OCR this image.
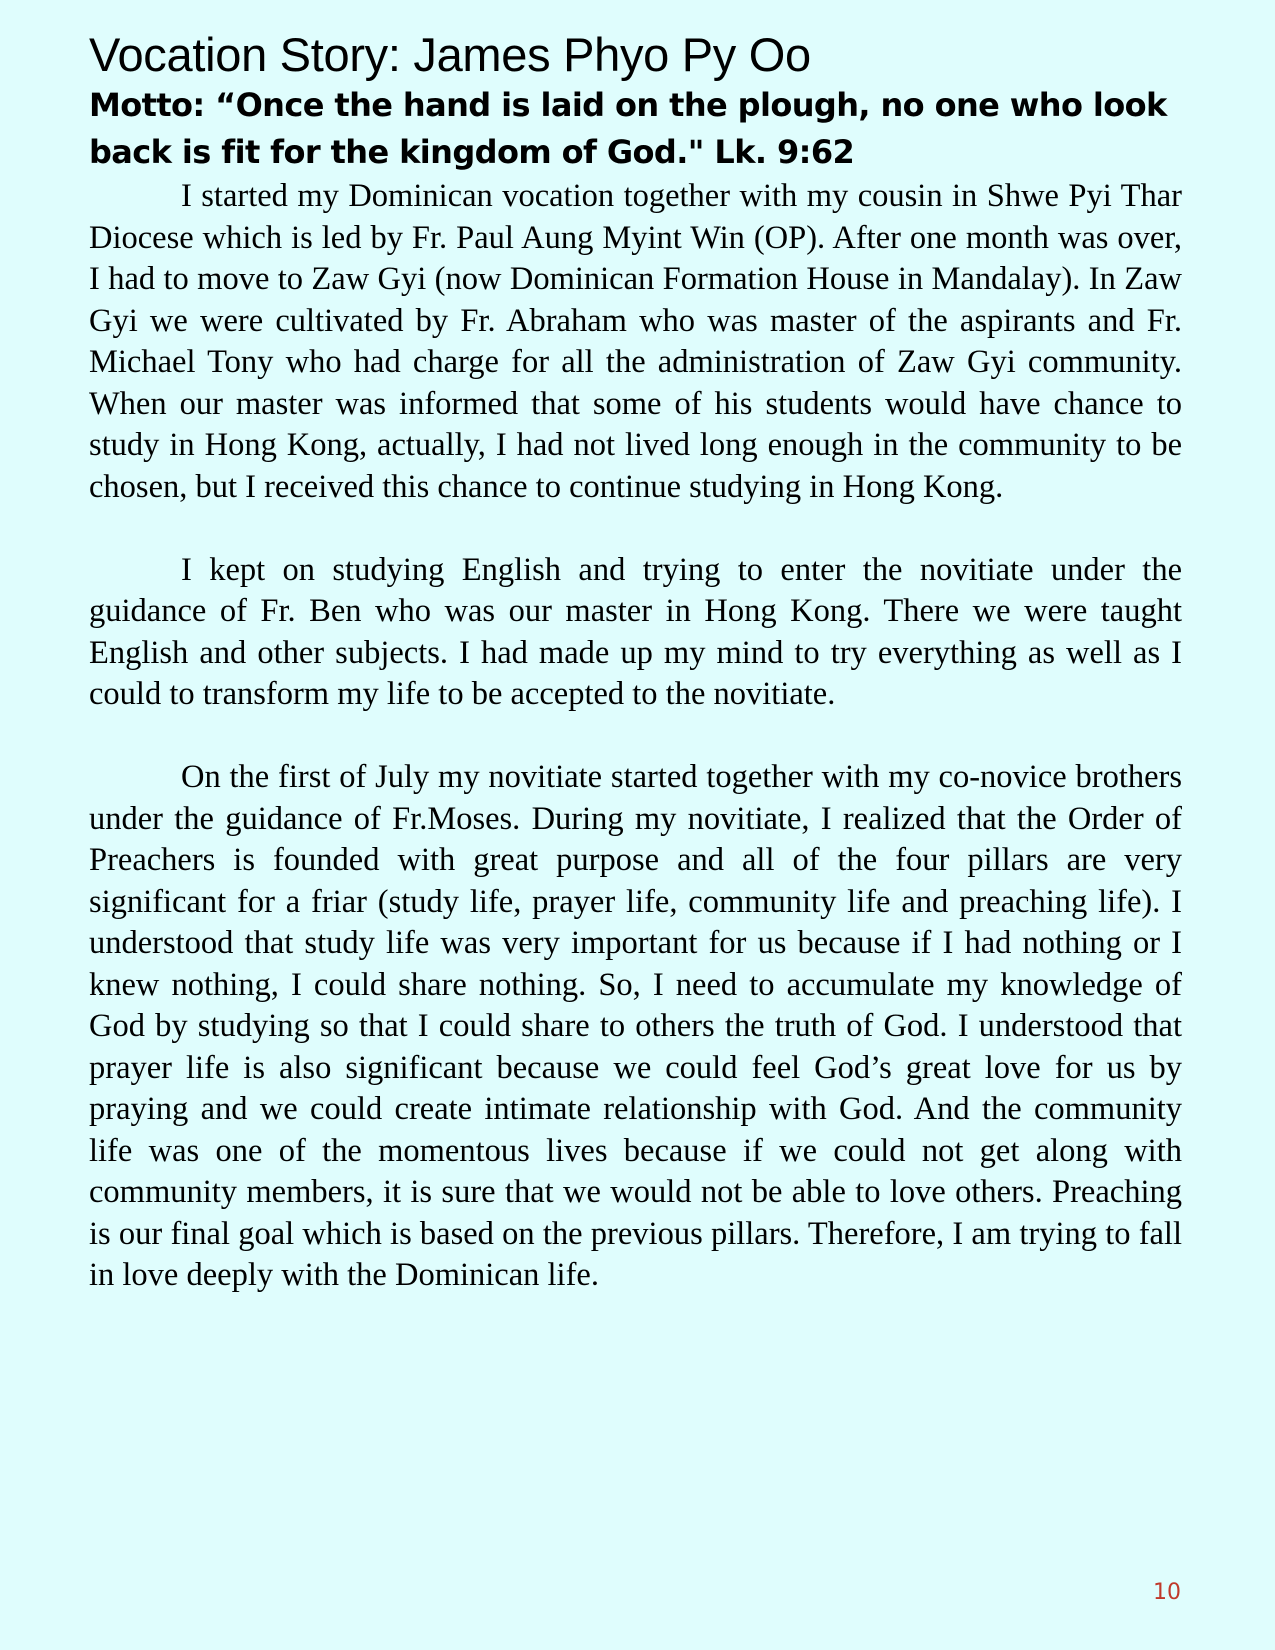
Vocation Story: James Phyo Py Oo

Motto: “Once the hand is laid on the plough, no one who look back is fit for the kingdom of God." Lk. 9:62

I started my Dominican vocation together with my cousin in Shwe Pyi Thar Diocese which is led by Fr. Paul Aung Myint Win (OP). After one month was over, I had to move to Zaw Gyi (now Dominican Formation House in Mandalay). In Zaw Gyi we were cultivated by Fr. Abraham who was master of the aspirants and Fr. Michael Tony who had charge for all the administration of Zaw Gyi community. When our master was informed that some of his students would have chance to study in Hong Kong, actually, I had not lived long enough in the community to be chosen, but I received this chance to continue studying in Hong Kong.

I kept on studying English and trying to enter the novitiate under the guidance of Fr. Ben who was our master in Hong Kong. There we were taught English and other subjects. I had made up my mind to try everything as well as I could to transform my life to be accepted to the novitiate.

On the first of July my novitiate started together with my co-novice brothers under the guidance of Fr.Moses. During my novitiate, I realized that the Order of Preachers is founded with great purpose and all of the four pillars are very significant for a friar (study life, prayer life, community life and preaching life). I understood that study life was very important for us because if I had nothing or I knew nothing, I could share nothing. So, I need to accumulate my knowledge of God by studying so that I could share to others the truth of God. I understood that prayer life is also significant because we could feel God’s great love for us by praying and we could create intimate relationship with God. And the community life was one of the momentous lives because if we could not get along with community members, it is sure that we would not be able to love others. Preaching is our final goal which is based on the previous pillars. Therefore, I am trying to fall in love deeply with the Dominican life.

10
